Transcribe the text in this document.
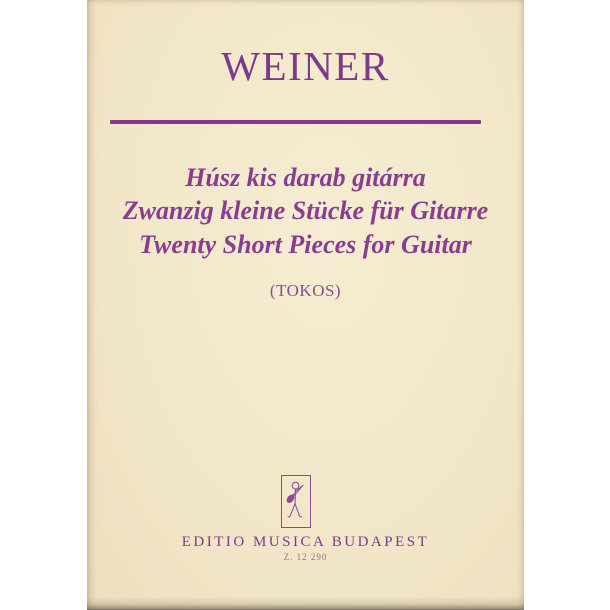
WEINER
Húsz kis darab gitárra
Zwanzig kleine Stücke für Gitarre
Twenty Short Pieces for Guitar
(TOKOS)
EDITIO MUSICA BUDAPEST
Z. 12 290
